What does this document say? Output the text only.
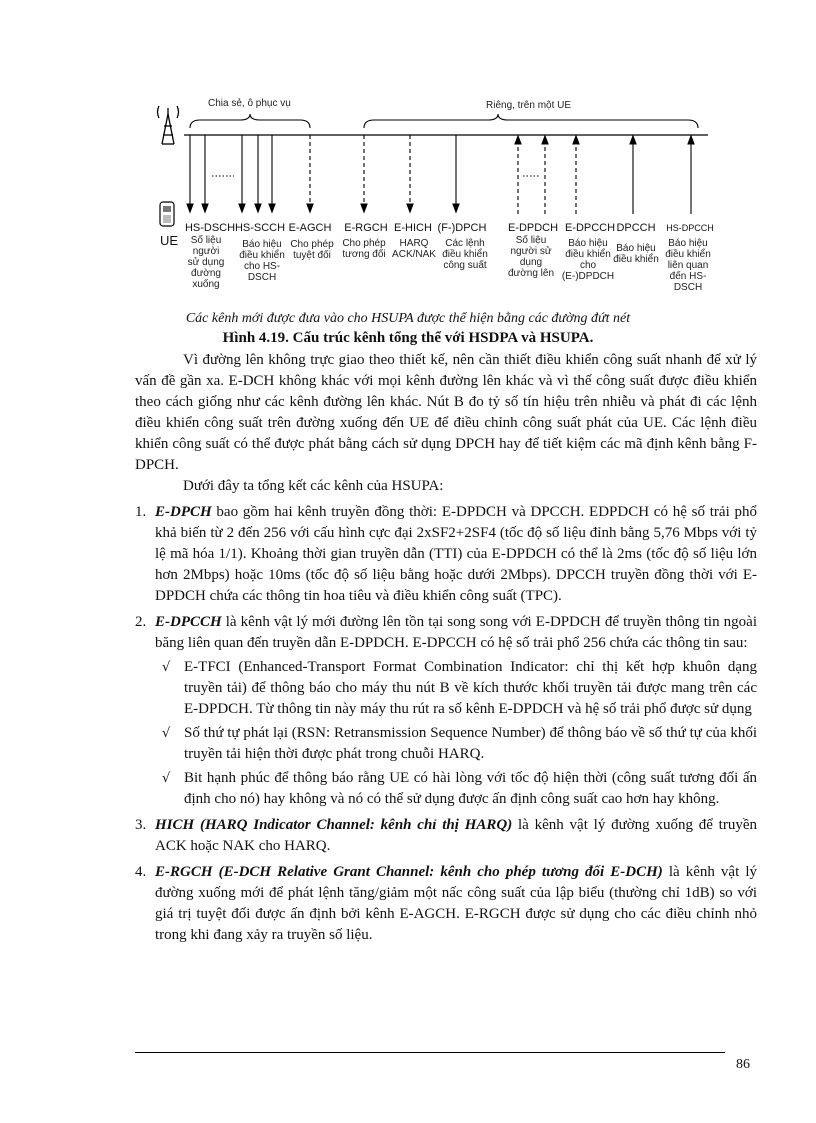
Chia sẻ, ô phục vụ	Riêng, trên một UE
UE
HS-DSCH
Số liệu
người
sử dụng
đường
xuống
HS-SCCH
Báo hiệu
điều khiển
cho HS-
DSCH
E-AGCH
Cho phép
tuyệt đối
E-RGCH
Cho phép
tương đối
E-HICH
HARQ
ACK/NAK
(F-)DPCH
Các lệnh
điều khiển
công suất
E-DPDCH
Số liệu
người sử
dụng
đường lên
E-DPCCH
Báo hiệu
điều khiển
cho
(E-)DPDCH
DPCCH
Báo hiệu
điều khiển
HS-DPCCH
Báo hiệu
điều khiển
liên quan
đến HS-
DSCH
Các kênh mới được đưa vào cho HSUPA được thể hiện bằng các đường đứt nét
Hình 4.19. Cấu trúc kênh tổng thể với HSDPA và HSUPA.

Vì đường lên không trực giao theo thiết kế, nên cần thiết điều khiển công suất nhanh để xử lý vấn đề gần xa. E-DCH không khác với mọi kênh đường lên khác và vì thế công suất được điều khiển theo cách giống như các kênh đường lên khác. Nút B đo tỷ số tín hiệu trên nhiễu và phát đi các lệnh điều khiển công suất trên đường xuống đến UE để điều chỉnh công suất phát của UE. Các lệnh điều khiển công suất có thể được phát bằng cách sử dụng DPCH hay để tiết kiệm các mã định kênh bằng F-DPCH.

Dưới đây ta tổng kết các kênh của HSUPA:

1. E-DPCH bao gồm hai kênh truyền đồng thời: E-DPDCH và DPCCH. EDPDCH có hệ số trải phổ khả biến từ 2 đến 256 với cấu hình cực đại 2xSF2+2SF4 (tốc độ số liệu đỉnh bằng 5,76 Mbps với tỷ lệ mã hóa 1/1). Khoảng thời gian truyền dẫn (TTI) của E-DPDCH có thể là 2ms (tốc độ số liệu lớn hơn 2Mbps) hoặc 10ms (tốc độ số liệu bằng hoặc dưới 2Mbps). DPCCH truyền đồng thời với E-DPDCH chứa các thông tin hoa tiêu và điều khiển công suất (TPC).
2. E-DPCCH là kênh vật lý mới đường lên tồn tại song song với E-DPDCH để truyền thông tin ngoài băng liên quan đến truyền dẫn E-DPDCH. E-DPCCH có hệ số trải phổ 256 chứa các thông tin sau:
√ E-TFCI (Enhanced-Transport Format Combination Indicator: chỉ thị kết hợp khuôn dạng truyền tải) để thông báo cho máy thu nút B về kích thước khối truyền tải được mang trên các E-DPDCH. Từ thông tin này máy thu rút ra số kênh E-DPDCH và hệ số trải phổ được sử dụng
√ Số thứ tự phát lại (RSN: Retransmission Sequence Number) để thông báo về số thứ tự của khối truyền tải hiện thời được phát trong chuỗi HARQ.
√ Bit hạnh phúc để thông báo rằng UE có hài lòng với tốc độ hiện thời (công suất tương đối ấn định cho nó) hay không và nó có thể sử dụng được ấn định công suất cao hơn hay không.
3. HICH (HARQ Indicator Channel: kênh chỉ thị HARQ) là kênh vật lý đường xuống để truyền ACK hoặc NAK cho HARQ.
4. E-RGCH (E-DCH Relative Grant Channel: kênh cho phép tương đối E-DCH) là kênh vật lý đường xuống mới để phát lệnh tăng/giảm một nấc công suất của lập biểu (thường chỉ 1dB) so với giá trị tuyệt đối được ấn định bởi kênh E-AGCH. E-RGCH được sử dụng cho các điều chỉnh nhỏ trong khi đang xảy ra truyền số liệu.
86
